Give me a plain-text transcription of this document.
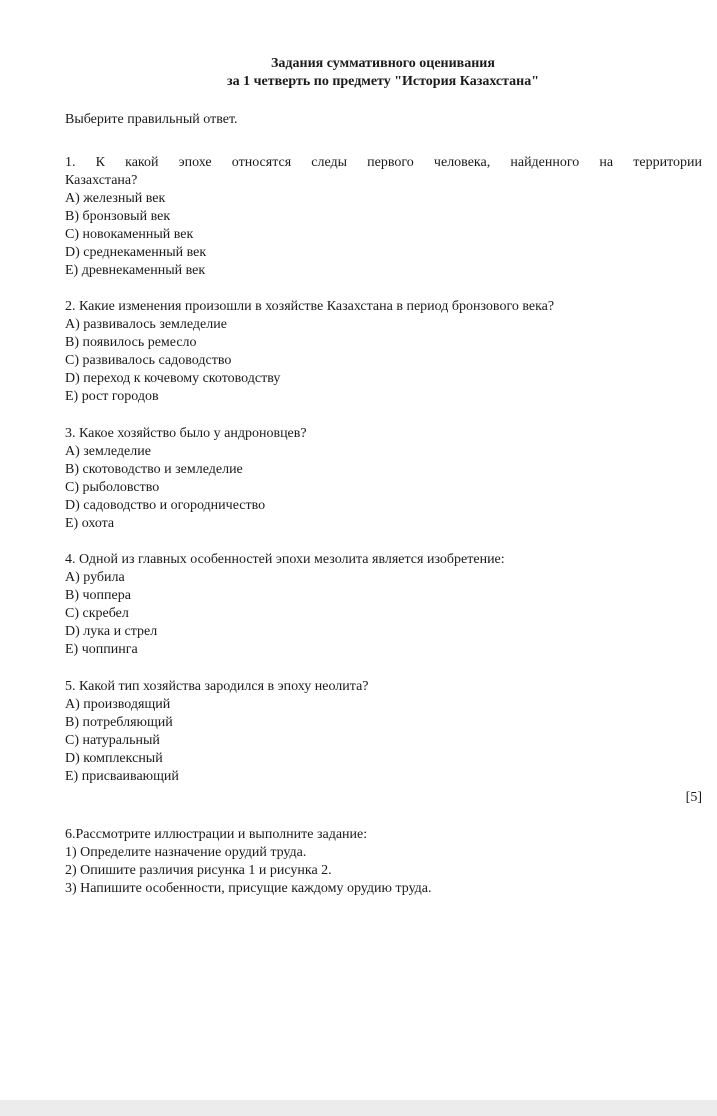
Задания суммативного оценивания
за 1 четверть по предмету "История Казахстана"
Выберите правильный ответ.
1. К какой эпохе относятся следы первого человека, найденного на территории
Казахстана?
A) железный век
B) бронзовый век
C) новокаменный век
D) среднекаменный век
E) древнекаменный век
2. Какие изменения произошли в хозяйстве Казахстана в период бронзового века?
A) развивалось земледелие
B) появилось ремесло
C) развивалось садоводство
D) переход к кочевому скотоводству
E) рост городов
3. Какое хозяйство было у андроновцев?
A) земледелие
B) скотоводство и земледелие
C) рыболовство
D) садоводство и огородничество
E) охота
4. Одной из главных особенностей эпохи мезолита является изобретение:
A) рубила
B) чоппера
C) скребел
D) лука и стрел
E) чоппинга
5. Какой тип хозяйства зародился в эпоху неолита?
A) производящий
B) потребляющий
C) натуральный
D) комплексный
E) присваивающий
[5]
6.Рассмотрите иллюстрации и выполните задание:
1) Определите назначение орудий труда.
2) Опишите различия рисунка 1 и рисунка 2.
3) Напишите особенности, присущие каждому орудию труда.
